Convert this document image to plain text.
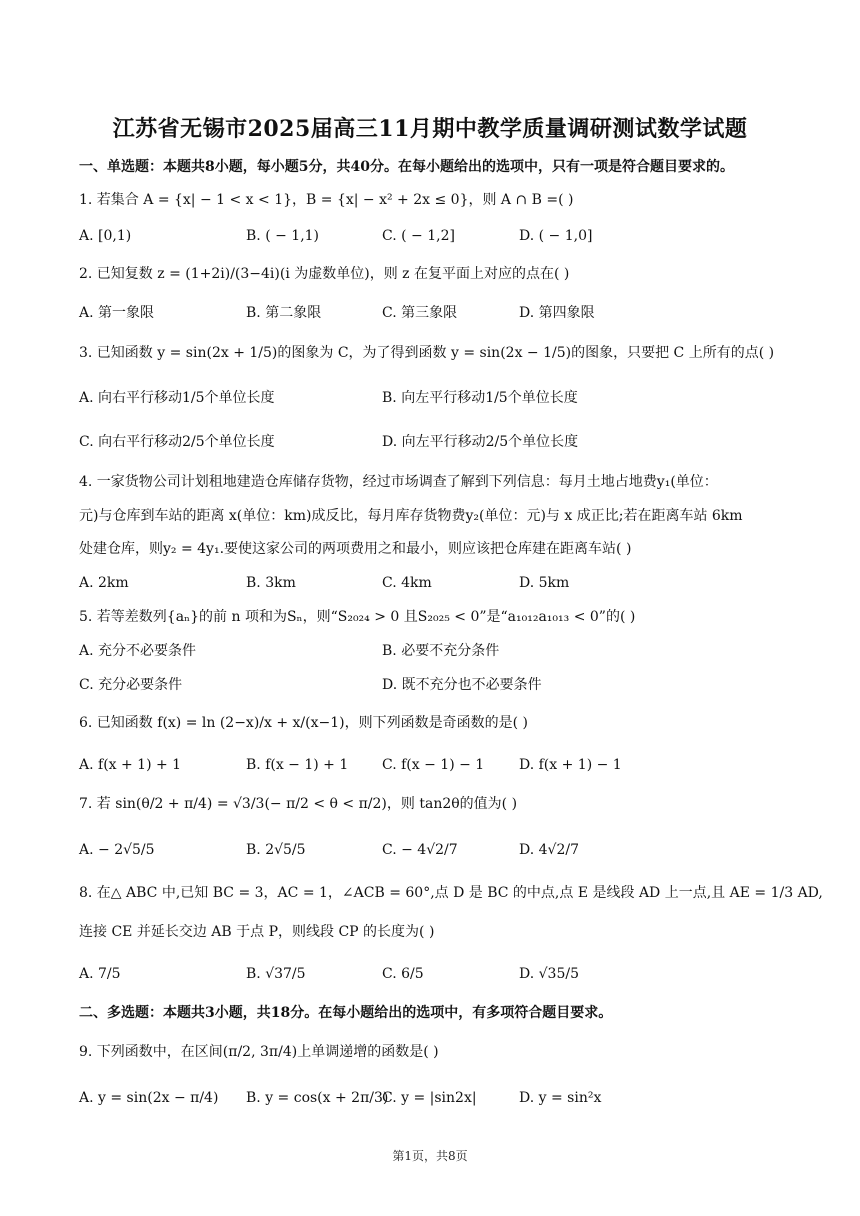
江苏省无锡市2025届高三11月期中教学质量调研测试数学试题
一、单选题：本题共8小题，每小题5分，共40分。在每小题给出的选项中，只有一项是符合题目要求的。
1. 若集合 A = {x| − 1 < x < 1}，B = {x| − x² + 2x ≤ 0}，则 A ∩ B =( )
A. [0,1)	B. ( − 1,1)	C. ( − 1,2]	D. ( − 1,0]
2. 已知复数 z = (1+2i)/(3−4i)(i 为虚数单位)，则 z 在复平面上对应的点在( )
A. 第一象限	B. 第二象限	C. 第三象限	D. 第四象限
3. 已知函数 y = sin(2x + 1/5)的图象为 C，为了得到函数 y = sin(2x − 1/5)的图象，只要把 C 上所有的点( )
A. 向右平行移动1/5个单位长度	B. 向左平行移动1/5个单位长度
C. 向右平行移动2/5个单位长度	D. 向左平行移动2/5个单位长度
4. 一家货物公司计划租地建造仓库储存货物，经过市场调查了解到下列信息：每月土地占地费y₁(单位：
元)与仓库到车站的距离 x(单位：km)成反比，每月库存货物费y₂(单位：元)与 x 成正比;若在距离车站 6km
处建仓库，则y₂ = 4y₁.要使这家公司的两项费用之和最小，则应该把仓库建在距离车站( )
A. 2km	B. 3km	C. 4km	D. 5km
5. 若等差数列{aₙ}的前 n 项和为Sₙ，则“S₂₀₂₄ > 0 且S₂₀₂₅ < 0”是“a₁₀₁₂a₁₀₁₃ < 0”的( )
A. 充分不必要条件	B. 必要不充分条件
C. 充分必要条件	D. 既不充分也不必要条件
6. 已知函数 f(x) = ln (2−x)/x + x/(x−1)，则下列函数是奇函数的是( )
A. f(x + 1) + 1	B. f(x − 1) + 1 C. f(x − 1) − 1 D. f(x + 1) − 1
7. 若 sin(θ/2 + π/4) = √3/3(− π/2 < θ < π/2)，则 tan2θ的值为( )
A. − 2√5/5	B. 2√5/5	C. − 4√2/7	D. 4√2/7
8. 在△ ABC 中,已知 BC = 3，AC = 1，∠ACB = 60°,点 D 是 BC 的中点,点 E 是线段 AD 上一点,且 AE = 1/3 AD,
连接 CE 并延长交边 AB 于点 P，则线段 CP 的长度为( )
A. 7/5	B. √37/5	C. 6/5	D. √35/5
二、多选题：本题共3小题，共18分。在每小题给出的选项中，有多项符合题目要求。
9. 下列函数中，在区间(π/2, 3π/4)上单调递增的函数是( )
A. y = sin(2x − π/4) B. y = cos(x + 2π/3)
C. y = |sin2x|	D. y = sin²x
第1页，共8页
